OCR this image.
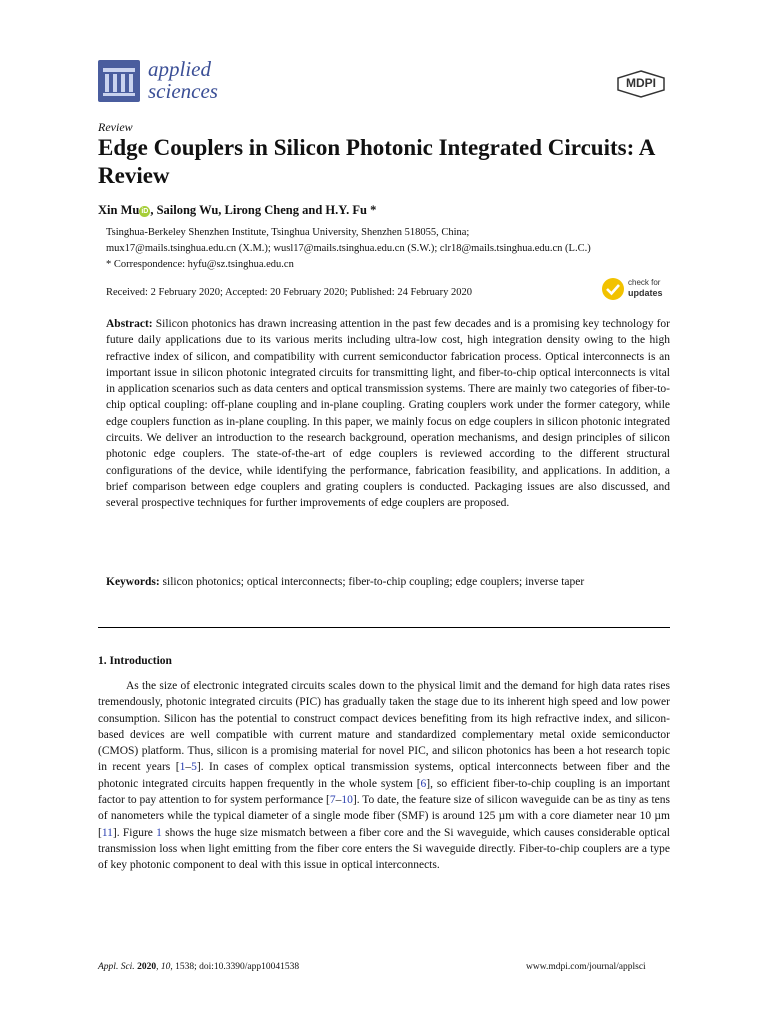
applied
sciences	MDPI
Review
Edge Couplers in Silicon Photonic Integrated Circuits: A Review
Xin Mu iD , Sailong Wu, Lirong Cheng and H.Y. Fu *
Tsinghua-Berkeley Shenzhen Institute, Tsinghua University, Shenzhen 518055, China;
mux17@mails.tsinghua.edu.cn (X.M.); wusl17@mails.tsinghua.edu.cn (S.W.); clr18@mails.tsinghua.edu.cn (L.C.)
* Correspondence: hyfu@sz.tsinghua.edu.cn
Received: 2 February 2020; Accepted: 20 February 2020; Published: 24 February 2020
check for
updates
Abstract: Silicon photonics has drawn increasing attention in the past few decades and is a promising key technology for future daily applications due to its various merits including ultra-low cost, high integration density owing to the high refractive index of silicon, and compatibility with current semiconductor fabrication process. Optical interconnects is an important issue in silicon photonic integrated circuits for transmitting light, and fiber-to-chip optical interconnects is vital in application scenarios such as data centers and optical transmission systems. There are mainly two categories of fiber-to-chip optical coupling: off-plane coupling and in-plane coupling. Grating couplers work under the former category, while edge couplers function as in-plane coupling. In this paper, we mainly focus on edge couplers in silicon photonic integrated circuits. We deliver an introduction to the research background, operation mechanisms, and design principles of silicon photonic edge couplers. The state-of-the-art of edge couplers is reviewed according to the different structural configurations of the device, while identifying the performance, fabrication feasibility, and applications. In addition, a brief comparison between edge couplers and grating couplers is conducted. Packaging issues are also discussed, and several prospective techniques for further improvements of edge couplers are proposed.
Keywords: silicon photonics; optical interconnects; fiber-to-chip coupling; edge couplers; inverse taper
1. Introduction
As the size of electronic integrated circuits scales down to the physical limit and the demand for high data rates rises tremendously, photonic integrated circuits (PIC) has gradually taken the stage due to its inherent high speed and low power consumption. Silicon has the potential to construct compact devices benefiting from its high refractive index, and silicon-based devices are well compatible with current mature and standardized complementary metal oxide semiconductor (CMOS) platform. Thus, silicon is a promising material for novel PIC, and silicon photonics has been a hot research topic in recent years [1–5]. In cases of complex optical transmission systems, optical interconnects between fiber and the photonic integrated circuits happen frequently in the whole system [6], so efficient fiber-to-chip coupling is an important factor to pay attention to for system performance [7–10]. To date, the feature size of silicon waveguide can be as tiny as tens of nanometers while the typical diameter of a single mode fiber (SMF) is around 125 µm with a core diameter near 10 µm [11]. Figure 1 shows the huge size mismatch between a fiber core and the Si waveguide, which causes considerable optical transmission loss when light emitting from the fiber core enters the Si waveguide directly. Fiber-to-chip couplers are a type of key photonic component to deal with this issue in optical interconnects.
Appl. Sci. 2020, 10, 1538; doi:10.3390/app10041538	www.mdpi.com/journal/applsci
